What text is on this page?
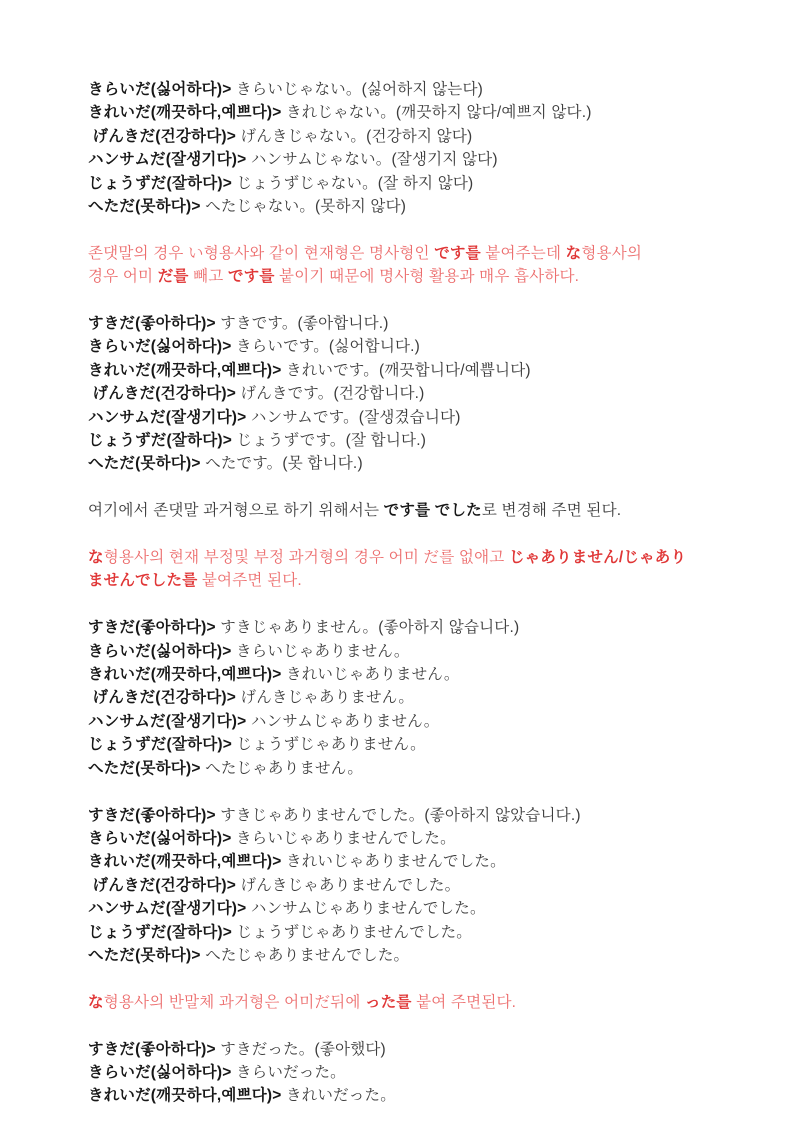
きらいだ(싫어하다)> きらいじゃない。(싫어하지 않는다)
きれいだ(깨끗하다,예쁘다)> きれじゃない。(깨끗하지 않다/예쁘지 않다.)
げんきだ(건강하다)> げんきじゃない。(건강하지 않다)
ハンサムだ(잘생기다)> ハンサムじゃない。(잘생기지 않다)
じょうずだ(잘하다)> じょうずじゃない。(잘 하지 않다)
へただ(못하다)> へたじゃない。(못하지 않다)
존댓말의 경우 い형용사와 같이 현재형은 명사형인 です를 붙여주는데 な형용사의
경우 어미 だ를 빼고 です를 붙이기 때문에 명사형 활용과 매우 흡사하다.
すきだ(좋아하다)> すきです。(좋아합니다.)
きらいだ(싫어하다)> きらいです。(싫어합니다.)
きれいだ(깨끗하다,예쁘다)> きれいです。(깨끗합니다/예쁩니다)
げんきだ(건강하다)> げんきです。(건강합니다.)
ハンサムだ(잘생기다)> ハンサムです。(잘생겼습니다)
じょうずだ(잘하다)> じょうずです。(잘 합니다.)
へただ(못하다)> へたです。(못 합니다.)
여기에서 존댓말 과거형으로 하기 위해서는 です를 でした로 변경해 주면 된다.
な형용사의 현재 부정및 부정 과거형의 경우 어미 だ를 없애고 じゃありません/じゃあり
ませんでした를 붙여주면 된다.
すきだ(좋아하다)> すきじゃありません。(좋아하지 않습니다.)
きらいだ(싫어하다)> きらいじゃありません。
きれいだ(깨끗하다,예쁘다)> きれいじゃありません。
げんきだ(건강하다)> げんきじゃありません。
ハンサムだ(잘생기다)> ハンサムじゃありません。
じょうずだ(잘하다)> じょうずじゃありません。
へただ(못하다)> へたじゃありません。
すきだ(좋아하다)> すきじゃありませんでした。(좋아하지 않았습니다.)
きらいだ(싫어하다)> きらいじゃありませんでした。
きれいだ(깨끗하다,예쁘다)> きれいじゃありませんでした。
げんきだ(건강하다)> げんきじゃありませんでした。
ハンサムだ(잘생기다)> ハンサムじゃありませんでした。
じょうずだ(잘하다)> じょうずじゃありませんでした。
へただ(못하다)> へたじゃありませんでした。
な형용사의 반말체 과거형은 어미だ뒤에 った를 붙여 주면된다.
すきだ(좋아하다)> すきだった。(좋아했다)
きらいだ(싫어하다)> きらいだった。
きれいだ(깨끗하다,예쁘다)> きれいだった。
